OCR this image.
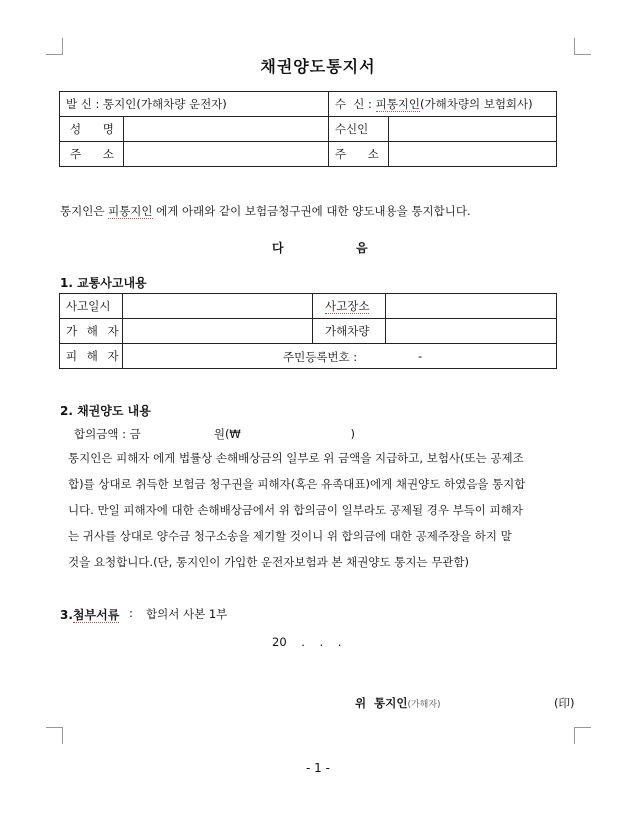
채권양도통지서
발 신 : 통지인(가해차량 운전자)		수  신 : 피통지인(가해차량의 보험회사)	
성 명		수신인	
주 소		주 소	
통지인은 피통지인 에게 아래와 같이 보험금청구권에 대한 양도내용을 통지합니다.
다	음
1. 교통사고내용
사고일시		사고장소	
가 해 자		가해차량	
피 해 자	주민등록번호 : -		
2. 채권양도 내용
합의금액 : 금                    원(₩                              )
통지인은 피해자 에게 법률상 손해배상금의 일부로 위 금액을 지급하고, 보험사(또는 공제조
합)를 상대로 취득한 보험금 청구권을 피해자(혹은 유족대표)에게 채권양도 하였음을 통지합
니다. 만일 피해자에 대한 손해배상금에서 위 합의금이 일부라도 공제될 경우 부득이 피해자
는 귀사를 상대로 양수금 청구소송을 제기할 것이니 위 합의금에 대한 공제주장을 하지 말
것을 요청합니다.(단, 통지인이 가입한 운전자보험과 본 채권양도 통지는 무관함)
3.첨부서류 : 합의서 사본 1부
20    .    .    .
위  통지인(가해자)	(印)
- 1 -
